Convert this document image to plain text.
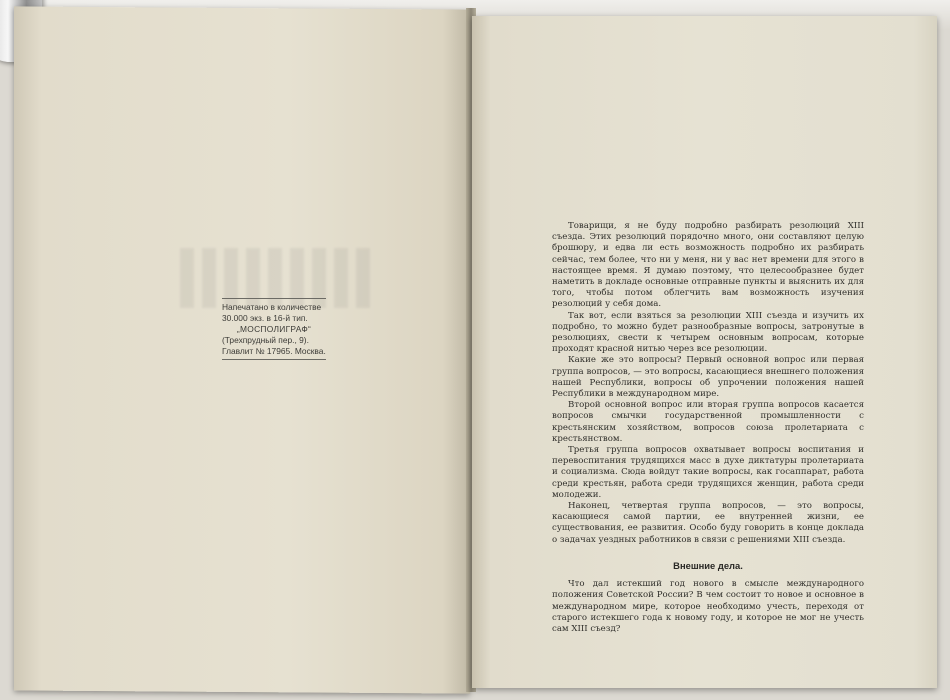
Напечатано в количестве
30.000 экз. в 16-й тип.
„МОСПОЛИГРАФ“
(Трехпрудный пер., 9).
Главлит № 17965. Москва.

Товарищи, я не буду подробно разбирать резолюций XIII съезда. Этих резолюций порядочно много, они составляют целую брошюру, и едва ли есть возможность подробно их разбирать сейчас, тем более, что ни у меня, ни у вас нет времени для этого в настоящее время. Я думаю поэтому, что целесообразнее будет наметить в докладе основные отправные пункты и выяснить их для того, чтобы потом облегчить вам возможность изучения резолюций у себя дома.

Так вот, если взяться за резолюции XIII съезда и изучить их подробно, то можно будет разнообразные вопросы, затронутые в резолюциях, свести к четырем основным вопросам, которые проходят красной нитью через все резолюции.

Какие же это вопросы? Первый основной вопрос или первая группа вопросов, — это вопросы, касающиеся внешнего положения нашей Республики, вопросы об упрочении положения нашей Республики в международном мире.

Второй основной вопрос или вторая группа вопросов касается вопросов смычки государственной промышленности с крестьянским хозяйством, вопросов союза пролетариата с крестьянством.

Третья группа вопросов охватывает вопросы воспитания и перевоспитания трудящихся масс в духе диктатуры пролетариата и социализма. Сюда войдут такие вопросы, как госаппарат, работа среди крестьян, работа среди трудящихся женщин, работа среди молодежи.

Наконец, четвертая группа вопросов, — это вопросы, касающиеся самой партии, ее внутренней жизни, ее существования, ее развития. Особо буду говорить в конце доклада о задачах уездных работников в связи с решениями XIII съезда.

Внешние дела.

Что дал истекший год нового в смысле международного положения Советской России? В чем состоит то новое и основное в международном мире, которое необходимо учесть, переходя от старого истекшего года к новому году, и которое не мог не учесть сам XIII съезд?
